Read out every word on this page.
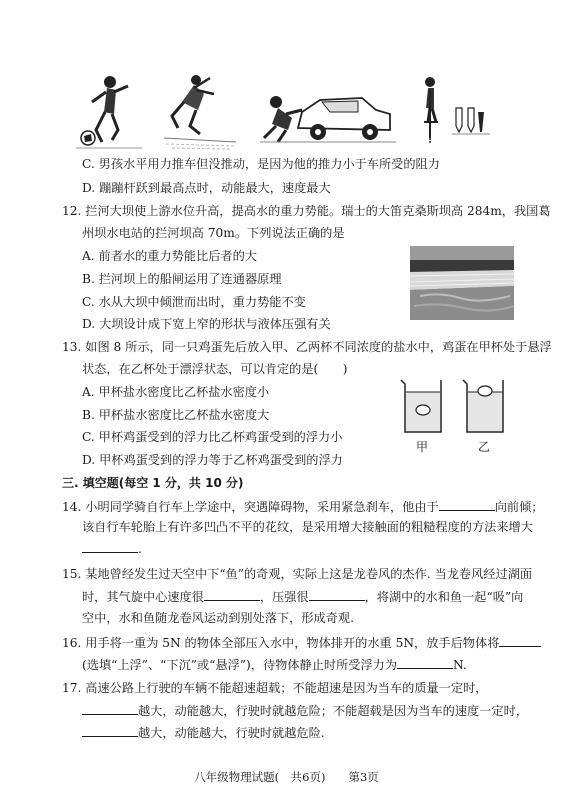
C. 男孩水平用力推车但没推动，是因为他的推力小于车所受的阻力
D. 蹦蹦杆跃到最高点时，动能最大，速度最大
12. 拦河大坝使上游水位升高，提高水的重力势能。瑞士的大笛克桑斯坝高 284m，我国葛
州坝水电站的拦河坝高 70m。下列说法正确的是
A. 前者水的重力势能比后者的大
B. 拦河坝上的船闸运用了连通器原理
C. 水从大坝中倾泄而出时，重力势能不变
D. 大坝设计成下宽上窄的形状与液体压强有关
13. 如图 8 所示，同一只鸡蛋先后放入甲、乙两杯不同浓度的盐水中，鸡蛋在甲杯处于悬浮
状态，在乙杯处于漂浮状态，可以肯定的是(　　)
A. 甲杯盐水密度比乙杯盐水密度小
B. 甲杯盐水密度比乙杯盐水密度大
C. 甲杯鸡蛋受到的浮力比乙杯鸡蛋受到的浮力小
D. 甲杯鸡蛋受到的浮力等于乙杯鸡蛋受到的浮力
甲	乙
三. 填空题(每空 1 分，共 10 分)
14. 小明同学骑自行车上学途中，突遇障碍物，采用紧急刹车，他由于	向前倾；
该自行车轮胎上有许多凹凸不平的花纹，是采用增大接触面的粗糙程度的方法来增大
.
15. 某地曾经发生过天空中下“鱼”的奇观，实际上这是龙卷风的杰作. 当龙卷风经过湖面
时，其气旋中心速度很	，压强很	，将湖中的水和鱼一起“吸”向
空中，水和鱼随龙卷风运动到别处落下，形成奇观.
16. 用手将一重为 5N 的物体全部压入水中，物体排开的水重 5N，放手后物体将
(选填“上浮”、“下沉”或“悬浮”)，待物体静止时所受浮力为	N.
17. 高速公路上行驶的车辆不能超速超载；不能超速是因为当车的质量一定时，
越大，动能越大，行驶时就越危险；不能超载是因为当车的速度一定时，
越大，动能越大，行驶时就越危险.
八年级物理试题(　共6页)　　第3页
